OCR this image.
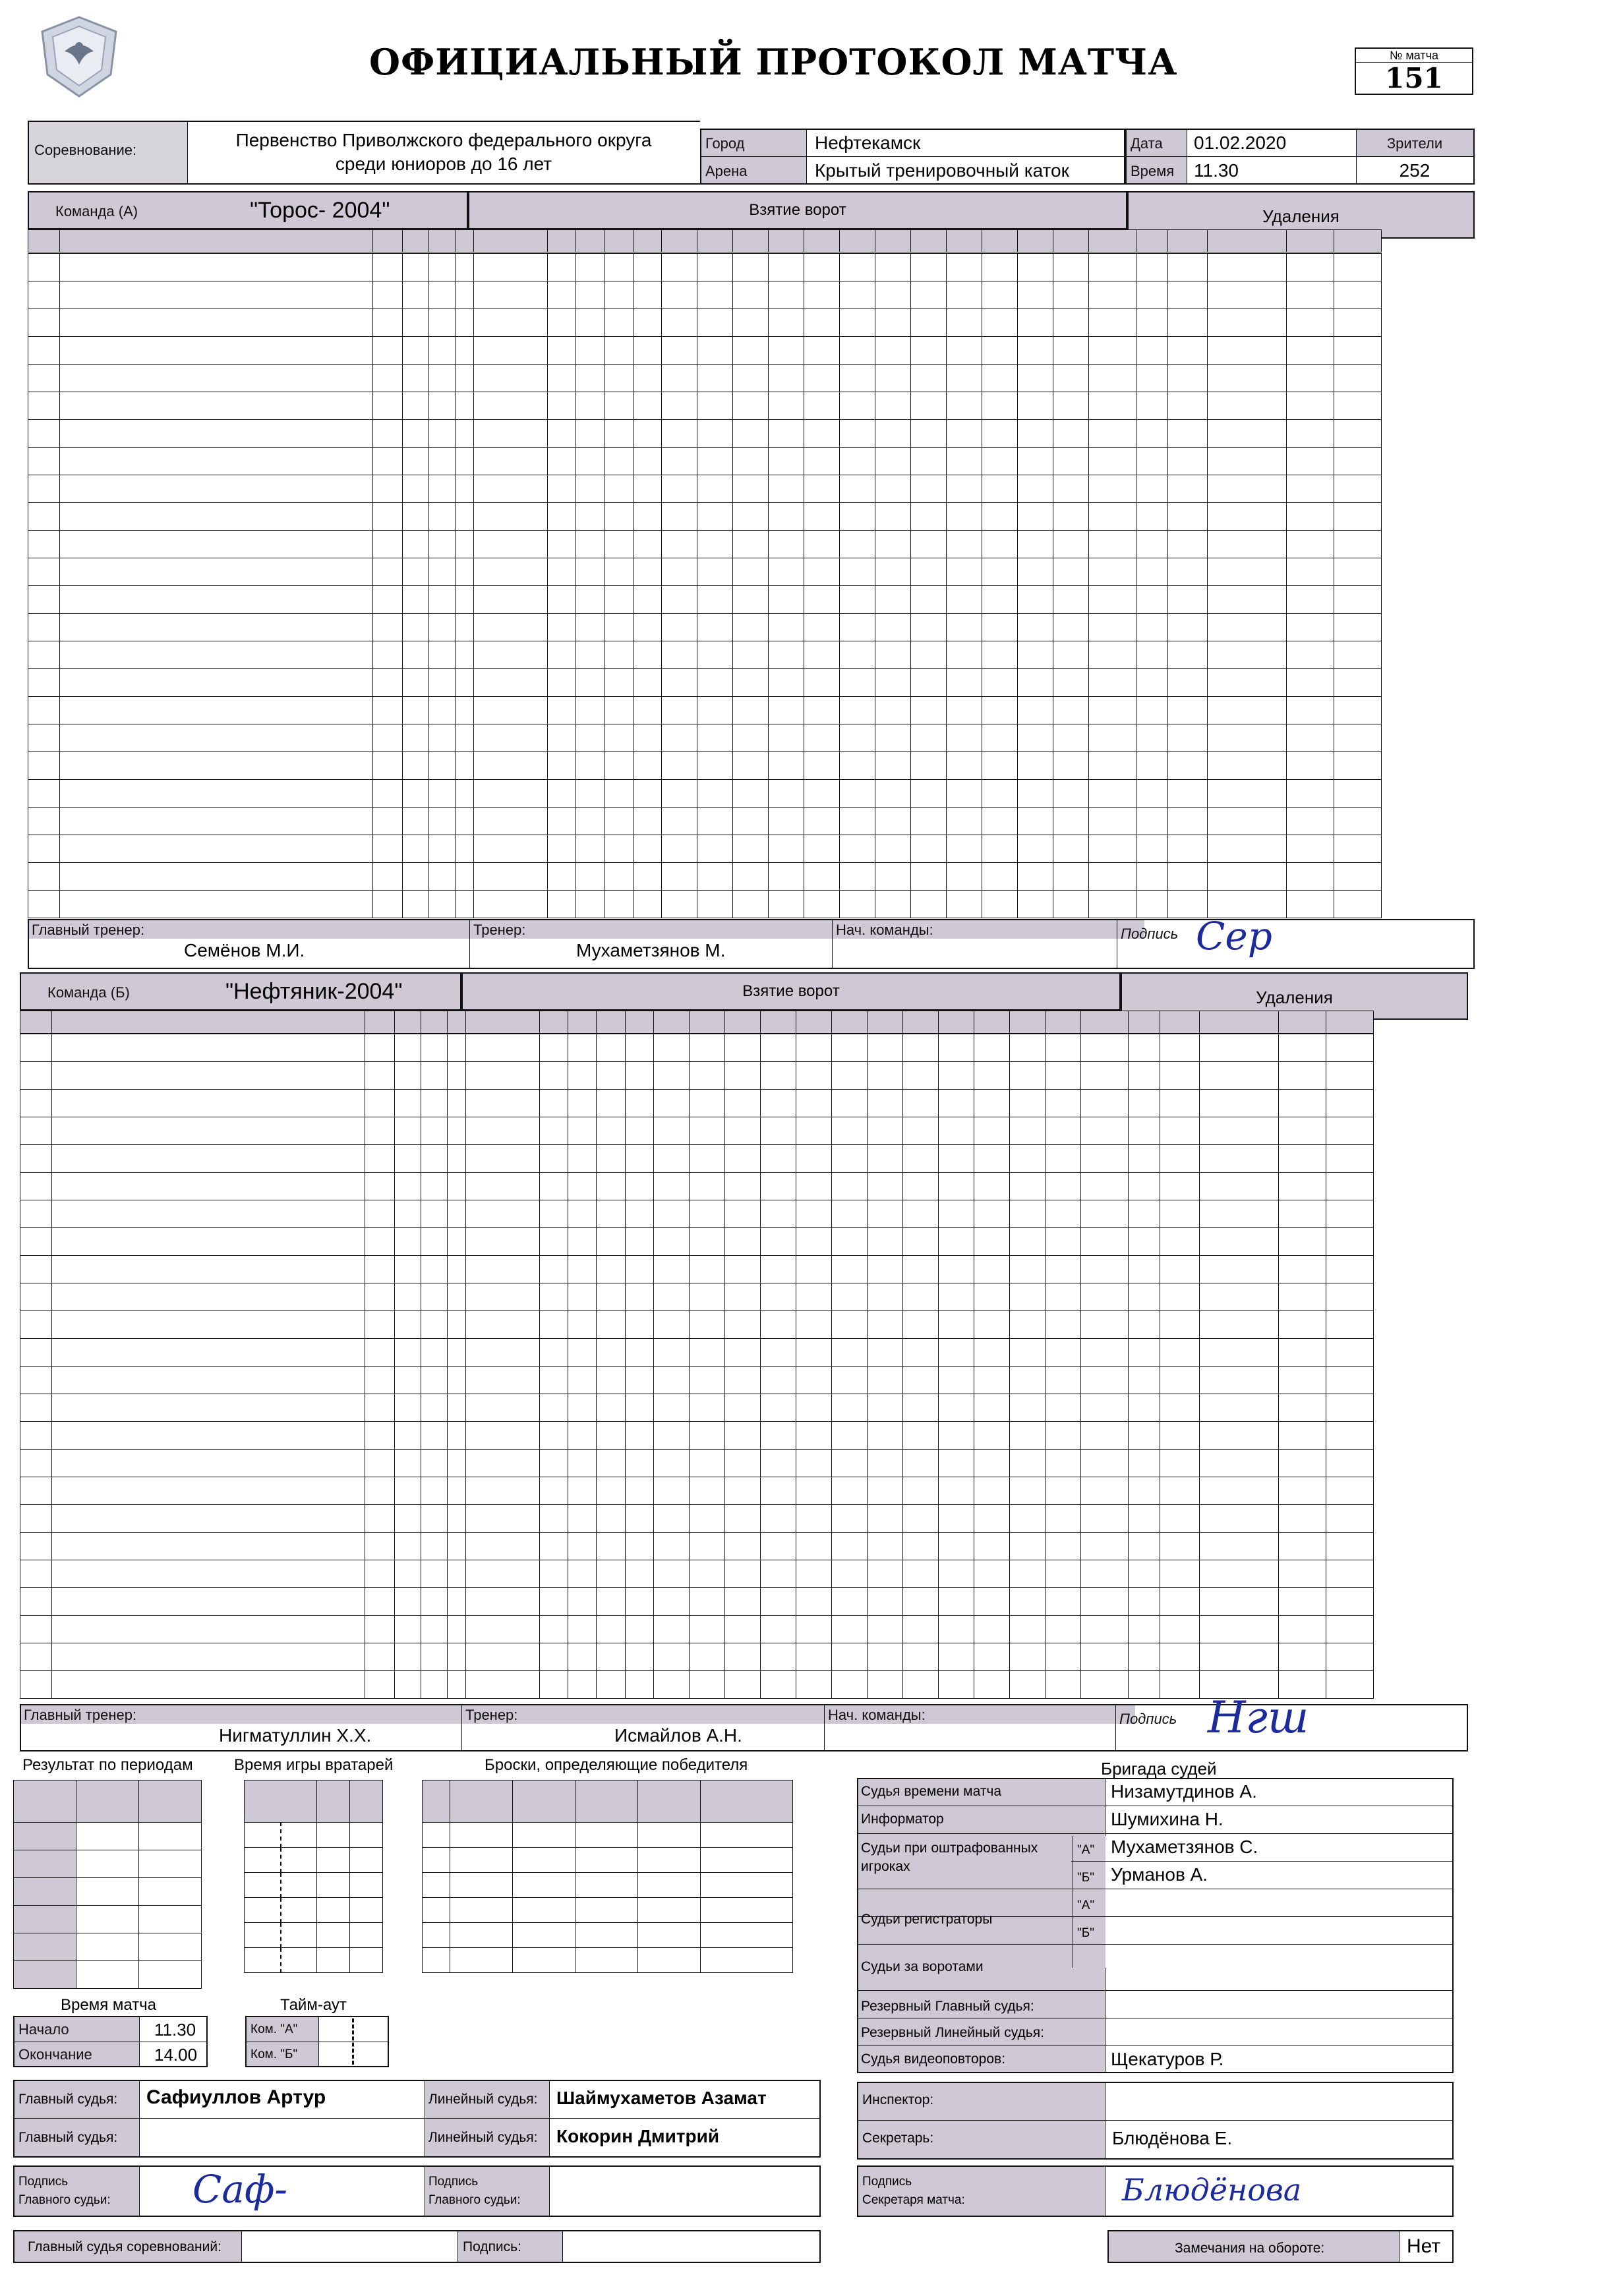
ОФИЦИАЛЬНЫЙ ПРОТОКОЛ МАТЧА	№ матча
151
Соревнование:	Первенство Приволжского федерального округа
среди юниоров до 16 лет
Город	Нефтекамск
Арена	Крытый тренировочный каток
Дата 01.02.2020
Время 11.30
Зрители
252
Команда (А)	"Торос- 2004"	Взятие ворот	Удаления

Главный тренер:
Семёнов М.И.
Тренер:
Мухаметзянов М.
Нач. команды:	Подпись Сер
Команда (Б)	"Нефтяник-2004"	Взятие ворот	Удаления

Главный тренер:
Нигматуллин Х.Х.
Тренер:
Исмайлов А.Н.
Нач. команды:	Подпись Нгш
Результат по периодам

			Время игры вратарей

				Броски, определяющие победителя

Время матча
Начало	11.30
Окончание	14.00
Тайм-аут
Ком. "А"
Ком. "Б"
Бригада судей
Судья времени матча	Низамутдинов А.
Информатор	Шумихина Н.
Судьи при оштрафованных игроках
"А" Мухаметзянов С.
"Б" Урманов А.
Судьи регистраторы
"А"
"Б"
Судьи за воротами
Резервный Главный судья:
Резервный Линейный судья:
Судья видеоповторов:	Щекатуров Р.
Инспектор:
Секретарь:	Блюдёнова Е.
Подпись
Секретаря матча:	Блюдёнова
Замечания на обороте:	Нет
Главный судья: Сафиуллов Артур
Главный судья:
Линейный судья: Шаймухаметов Азамат
Линейный судья: Кокорин Дмитрий
Подпись
Главного судьи: Саф-	Подпись
Главного судьи:
Главный судья соревнований:	Подпись:
